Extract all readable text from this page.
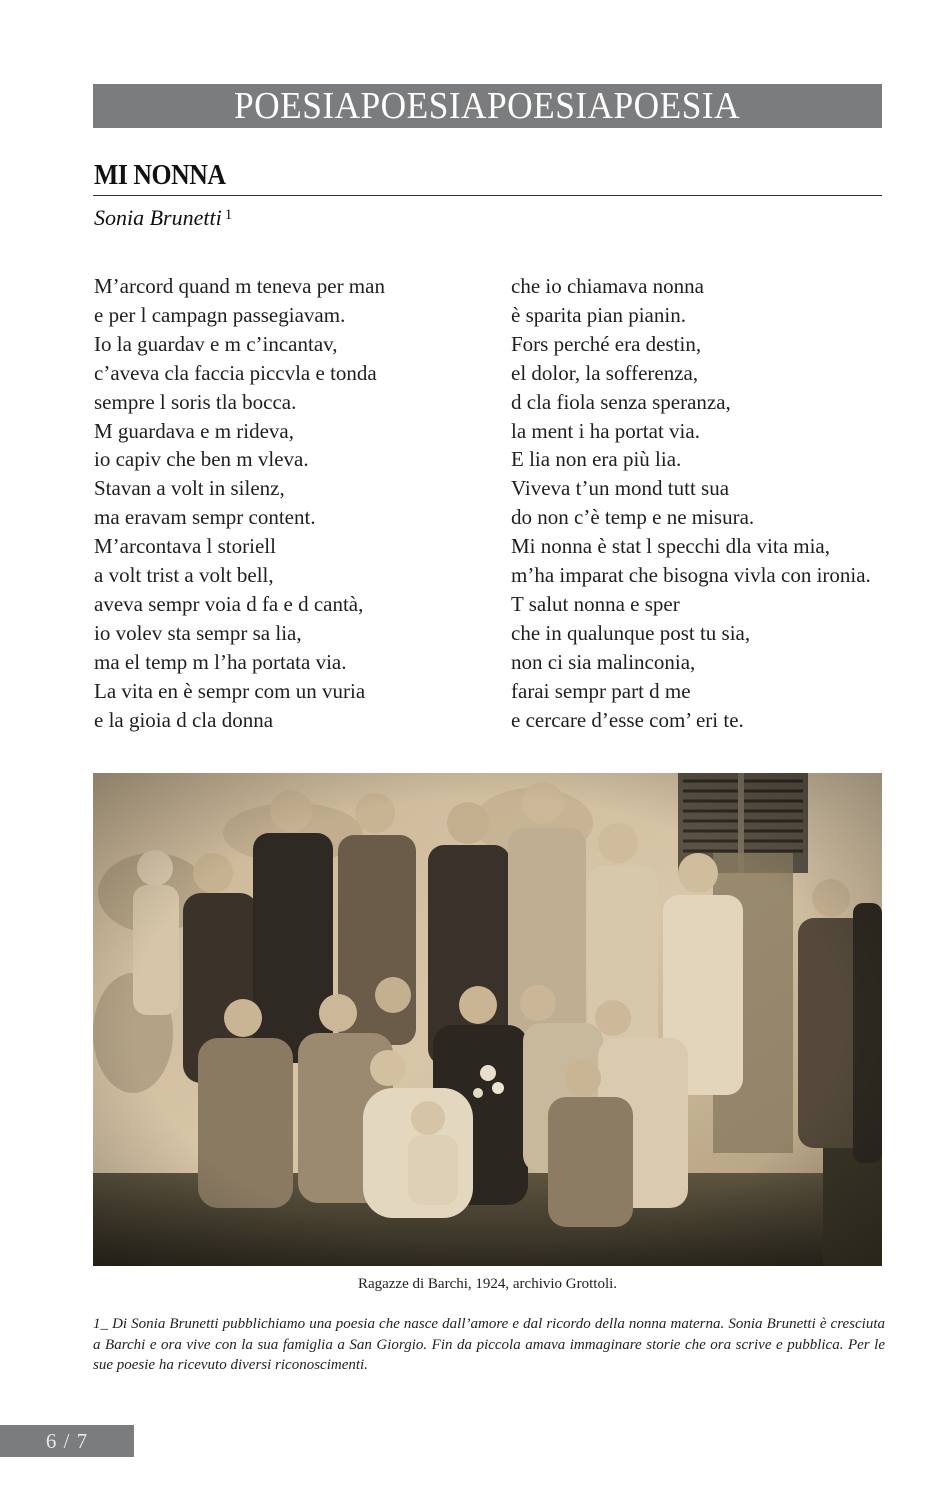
POESIAPOESIAPOESIAPOESIA
MI NONNA
Sonia Brunetti $^1$
M’arcord quand m teneva per man
e per l campagn passegiavam.
Io la guardav e m c’incantav,
c’aveva cla faccia piccvla e tonda
sempre l soris tla bocca.
M guardava e m rideva,
io capiv che ben m vleva.
Stavan a volt in silenz,
ma eravam sempr content.
M’arcontava l storiell
a volt trist a volt bell,
aveva sempr voia d fa e d cantà,
io volev sta sempr sa lia,
ma el temp m l’ha portata via.
La vita en è sempr com un vuria
e la gioia d cla donna
che io chiamava nonna
è sparita pian pianin.
Fors perché era destin,
el dolor, la sofferenza,
d cla fiola senza speranza,
la ment i ha portat via.
E lia non era più lia.
Viveva t’un mond tutt sua
do non c’è temp e ne misura.
Mi nonna è stat l specchi dla vita mia,
m’ha imparat che bisogna vivla con ironia.
T salut nonna e sper
che in qualunque post tu sia,
non ci sia malinconia,
farai sempr part d me
e cercare d’esse com’ eri te.
Ragazze di Barchi, 1924, archivio Grottoli.
1_ Di Sonia Brunetti pubblichiamo una poesia che nasce dall’amore e dal ricordo della nonna materna. Sonia Brunetti è cresciuta a Barchi e ora vive con la sua famiglia a San Giorgio. Fin da piccola amava immaginare storie che ora scrive e pubblica. Per le sue poesie ha ricevuto diversi riconoscimenti.
6 / 7
